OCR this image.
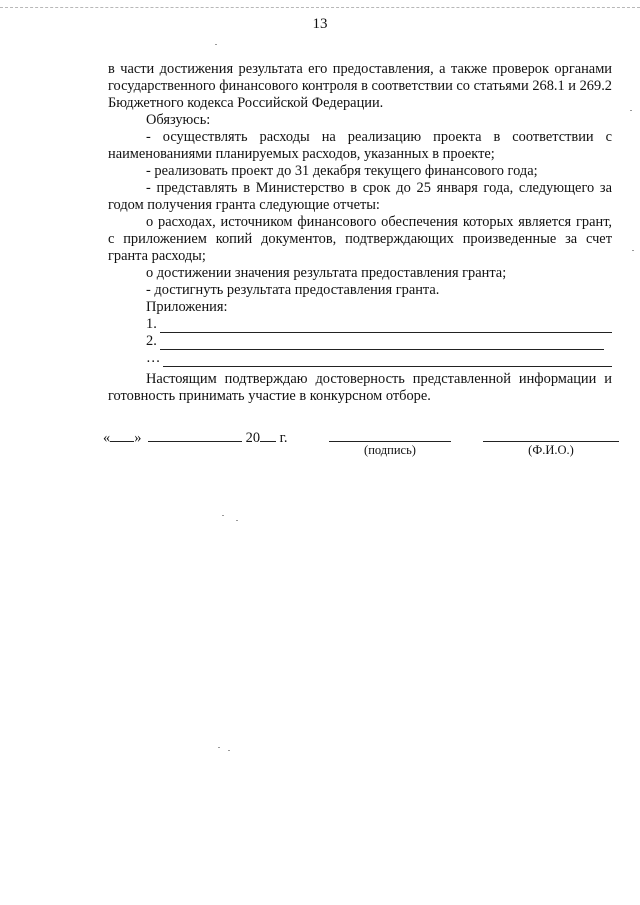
13
в части достижения результата его предоставления, а также проверок органами государственного финансового контроля в соответствии со статьями 268.1 и 269.2 Бюджетного кодекса Российской Федерации.
Обязуюсь:
- осуществлять расходы на реализацию проекта в соответствии с наименованиями планируемых расходов, указанных в проекте;
- реализовать проект до 31 декабря текущего финансового года;
- представлять в Министерство в срок до 25 января года, следующего за годом получения гранта следующие отчеты:
о расходах, источником финансового обеспечения которых является грант, с приложением копий документов, подтверждающих произведенные за счет гранта расходы;
о достижении значения результата предоставления гранта;
- достигнуть результата предоставления гранта.
Приложения:
1.
2.
…
Настоящим подтверждаю достоверность представленной информации и готовность принимать участие в конкурсном отборе.
« »	20 г.
(подпись)	(Ф.И.О.)
